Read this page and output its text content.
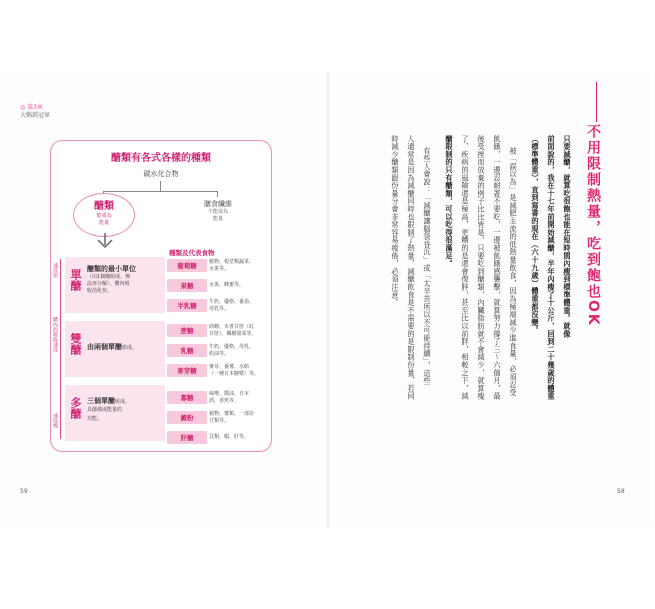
◎ 第3章
大暢銷冠軍
59
醣類有各式各樣的種類
碳水化合物
醣類
能成為
能量
膳食纖維
不能成為
能量
種類及代表食物
速度快
體內的吸收速度
速度慢
單醣 醣類的最小單位
（由1個醣組成，無
法再分解），體內吸
收消化快。
葡萄糖	穀物、根莖類蔬菜、
水果等。
果糖	水果、蜂蜜等。
半乳糖	牛奶、優格、番茄、
母乳等。
雙醣 由兩個單醣組成。
蔗糖	砂糖、未書甘蔗（紅
甘蔗）、楓樹甜菜等。
乳糖	牛奶、優格、母乳、
奶油等。
麥芽糖	麥芽、番薯、水飴
（一種日本糖漿）等。
多醣 三個單醣組成，
具儲備或能量的
功能。
寡糖	味噌、醬油、日本
酒、香蕉等。
澱粉	穀物、薯類、一部份
豆類等。
肝醣	貝類、蝦、肝等。
不用限制熱量，吃到飽也OK
58
只要減醣，就算吃很飽也能在短時間內瘦到標準體重。就像
前面說的，我在十七年前開始減醣，半年內瘦了十公斤，回到二十幾歲的體重
（標準體重），直到寫書的現在（六十九歲）體重都沒變。
被「誤以為」是減肥主流的低熱量飲食，因為極端減少進食量，必須忍受
飢餓，一邊忍耐著不要吃，一邊被飢餓感襲擊，就算努力撐了三～六個月，最
後受挫而放棄的例子比比皆是，只要吃到醣類，內臟脂肪就不會減少，就算瘦
了，疾病的風險還是極高，更糟的是還會復胖，甚至比以前胖，相較之下，減
醣限制的只有醣類，可以吃得很滿足。
有些人會說：「減醣讓腦袋昏沉」或「太辛苦所以不可能持續」，這些
人通常是因為減醣同時也限制了熱量，減醣飲食是不需要的是限制份量，若同
時減少醣類跟份量分會非常容易疲倦，必須注意。
